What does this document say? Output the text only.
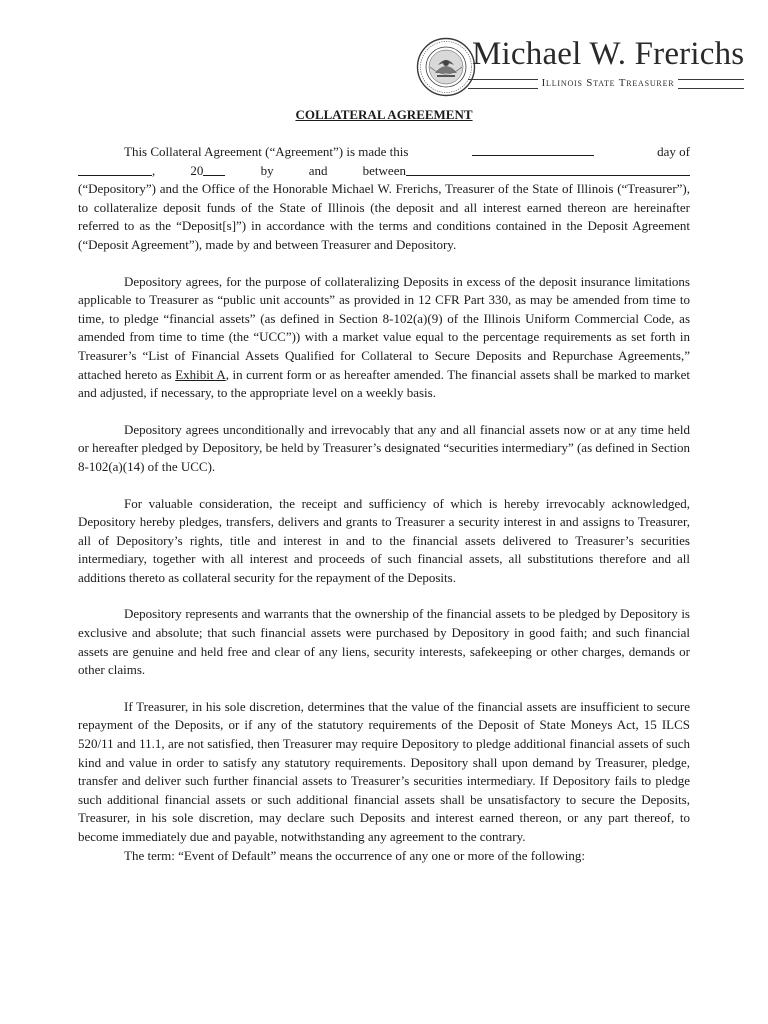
Michael W. Frerichs
Illinois State Treasurer
COLLATERAL AGREEMENT

This Collateral Agreement (“Agreement”) is made this	day of
,	20	by	and	between
(“Depository”) and the Office of the Honorable Michael W. Frerichs, Treasurer of the State of Illinois (“Treasurer”), to collateralize deposit funds of the State of Illinois (the deposit and all interest earned thereon are hereinafter referred to as the “Deposit[s]”) in accordance with the terms and conditions contained in the Deposit Agreement (“Deposit Agreement”), made by and between Treasurer and Depository.

Depository agrees, for the purpose of collateralizing Deposits in excess of the deposit insurance limitations applicable to Treasurer as “public unit accounts” as provided in 12 CFR Part 330, as may be amended from time to time, to pledge “financial assets” (as defined in Section 8-102(a)(9) of the Illinois Uniform Commercial Code, as amended from time to time (the “UCC”)) with a market value equal to the percentage requirements as set forth in Treasurer’s “List of Financial Assets Qualified for Collateral to Secure Deposits and Repurchase Agreements,” attached hereto as Exhibit A, in current form or as hereafter amended. The financial assets shall be marked to market and adjusted, if necessary, to the appropriate level on a weekly basis.

Depository agrees unconditionally and irrevocably that any and all financial assets now or at any time held or hereafter pledged by Depository, be held by Treasurer’s designated “securities intermediary” (as defined in Section 8-102(a)(14) of the UCC).

For valuable consideration, the receipt and sufficiency of which is hereby irrevocably acknowledged, Depository hereby pledges, transfers, delivers and grants to Treasurer a security interest in and assigns to Treasurer, all of Depository’s rights, title and interest in and to the financial assets delivered to Treasurer’s securities intermediary, together with all interest and proceeds of such financial assets, all substitutions therefore and all additions thereto as collateral security for the repayment of the Deposits.

Depository represents and warrants that the ownership of the financial assets to be pledged by Depository is exclusive and absolute; that such financial assets were purchased by Depository in good faith; and such financial assets are genuine and held free and clear of any liens, security interests, safekeeping or other charges, demands or other claims.

If Treasurer, in his sole discretion, determines that the value of the financial assets are insufficient to secure repayment of the Deposits, or if any of the statutory requirements of the Deposit of State Moneys Act, 15 ILCS 520/11 and 11.1, are not satisfied, then Treasurer may require Depository to pledge additional financial assets of such kind and value in order to satisfy any statutory requirements. Depository shall upon demand by Treasurer, pledge, transfer and deliver such further financial assets to Treasurer’s securities intermediary. If Depository fails to pledge such additional financial assets or such additional financial assets shall be unsatisfactory to secure the Deposits, Treasurer, in his sole discretion, may declare such Deposits and interest earned thereon, or any part thereof, to become immediately due and payable, notwithstanding any agreement to the contrary.

The term: “Event of Default” means the occurrence of any one or more of the following:
